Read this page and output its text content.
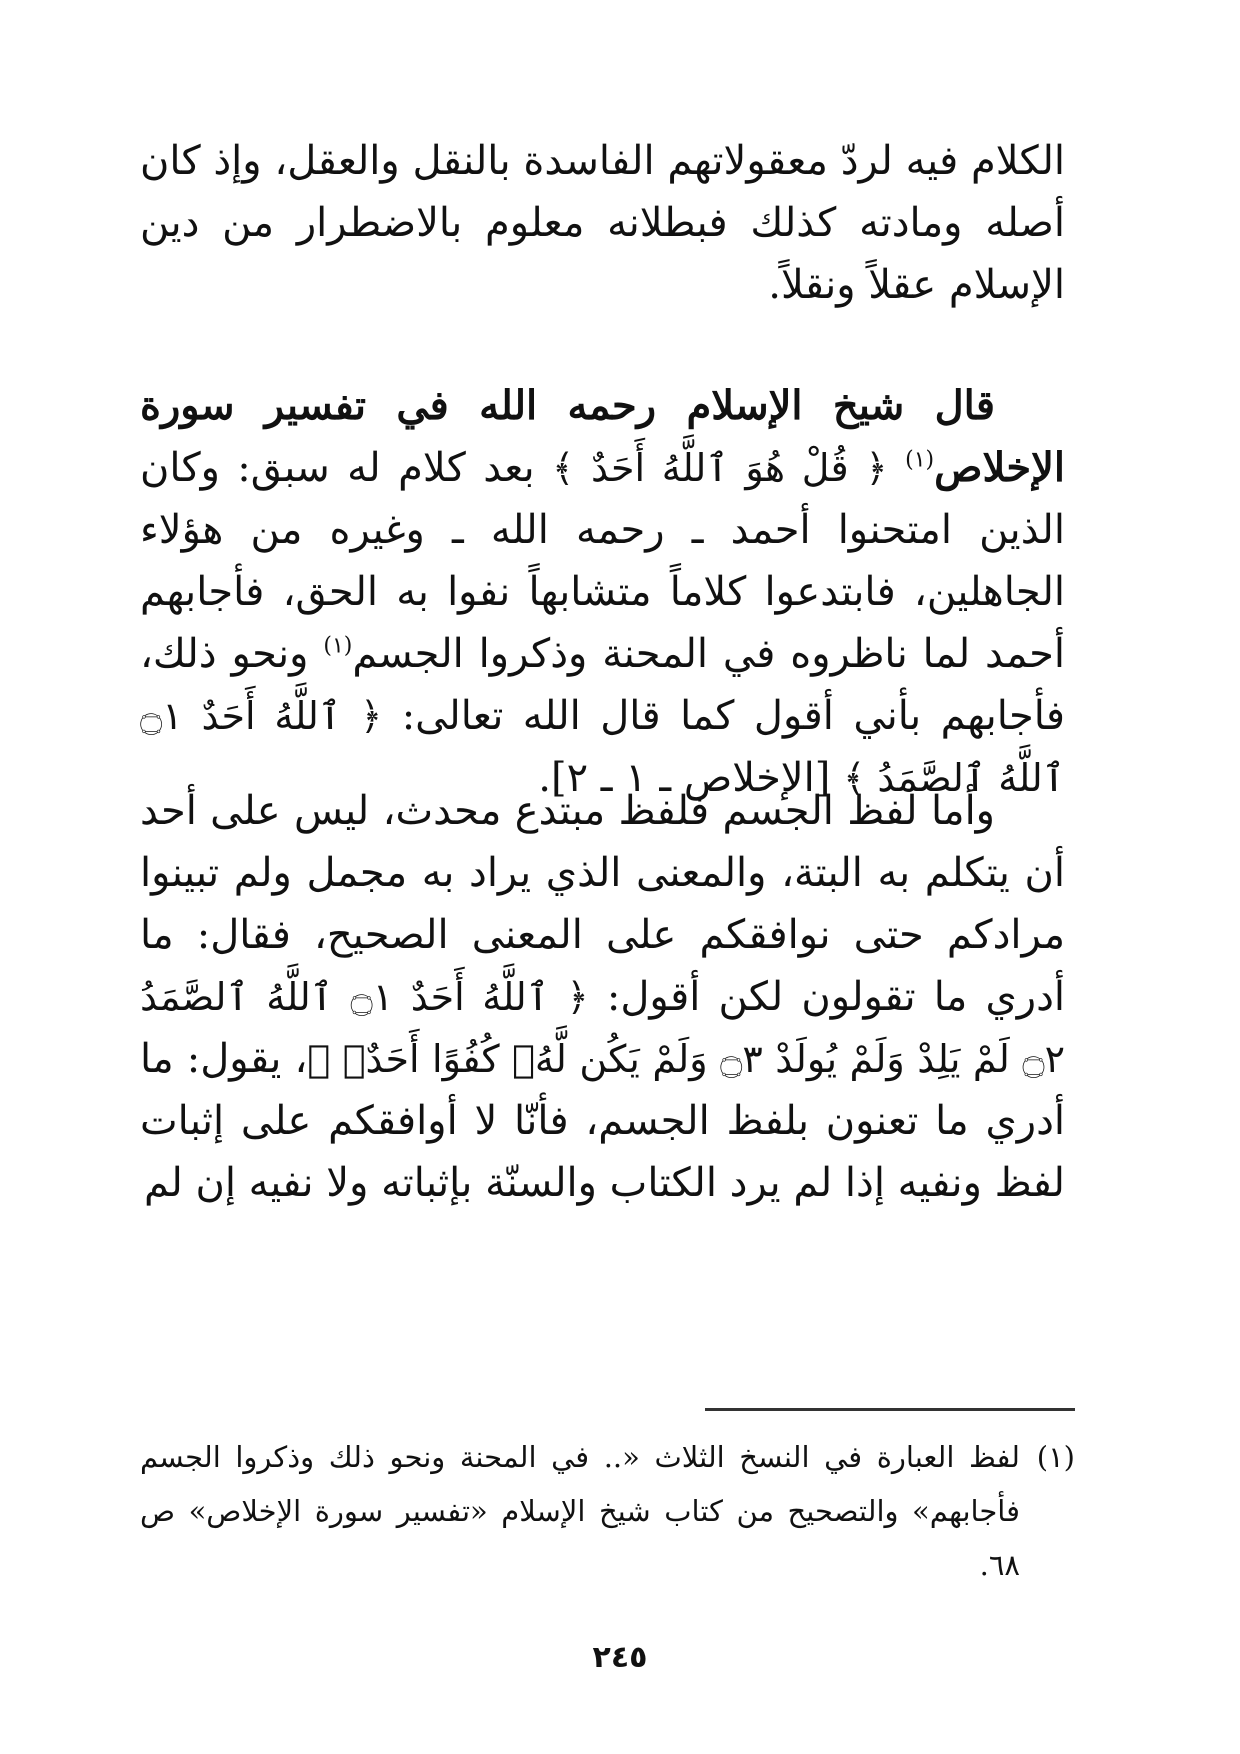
الكلام فيه لردّ معقولاتهم الفاسدة بالنقل والعقل، وإذ كان أصله ومادته كذلك فبطلانه معلوم بالاضطرار من دين الإسلام عقلاً ونقلاً.

قال شيخ الإسلام رحمه الله في تفسير سورة الإخلاص$^{(١)}$ ﴿ قُلْ هُوَ ٱللَّهُ أَحَدٌ ﴾ بعد كلام له سبق: وكان الذين امتحنوا أحمد ـ رحمه الله ـ وغيره من هؤلاء الجاهلين، فابتدعوا كلاماً متشابهاً نفوا به الحق، فأجابهم أحمد لما ناظروه في المحنة وذكروا الجسم$^{(١)}$ ونحو ذلك، فأجابهم بأني أقول كما قال الله تعالى: ﴿ ٱللَّهُ أَحَدٌ ۝١ ٱللَّهُ ٱلصَّمَدُ ﴾ [الإخلاص ـ ١ ـ ٢].

وأما لفظ الجسم فلفظ مبتدع محدث، ليس على أحد أن يتكلم به البتة، والمعنى الذي يراد به مجمل ولم تبينوا مرادكم حتى نوافقكم على المعنى الصحيح، فقال: ما أدري ما تقولون لكن أقول: ﴿ ٱللَّهُ أَحَدٌ ۝١ ٱللَّهُ ٱلصَّمَدُ ۝٢ لَمْ يَلِدْ وَلَمْ يُولَدْ ۝٣ وَلَمْ يَكُن لَّهُۥ كُفُوًا أَحَدٌۢ ﴾، يقول: ما أدري ما تعنون بلفظ الجسم، فأنّا لا أوافقكم على إثبات لفظ ونفيه إذا لم يرد الكتاب والسنّة بإثباته ولا نفيه إن لم

(١)
لفظ العبارة في النسخ الثلاث «.. في المحنة ونحو ذلك وذكروا الجسم فأجابهم» والتصحيح من كتاب شيخ الإسلام «تفسير سورة الإخلاص» ص ٦٨.

٢٤٥
